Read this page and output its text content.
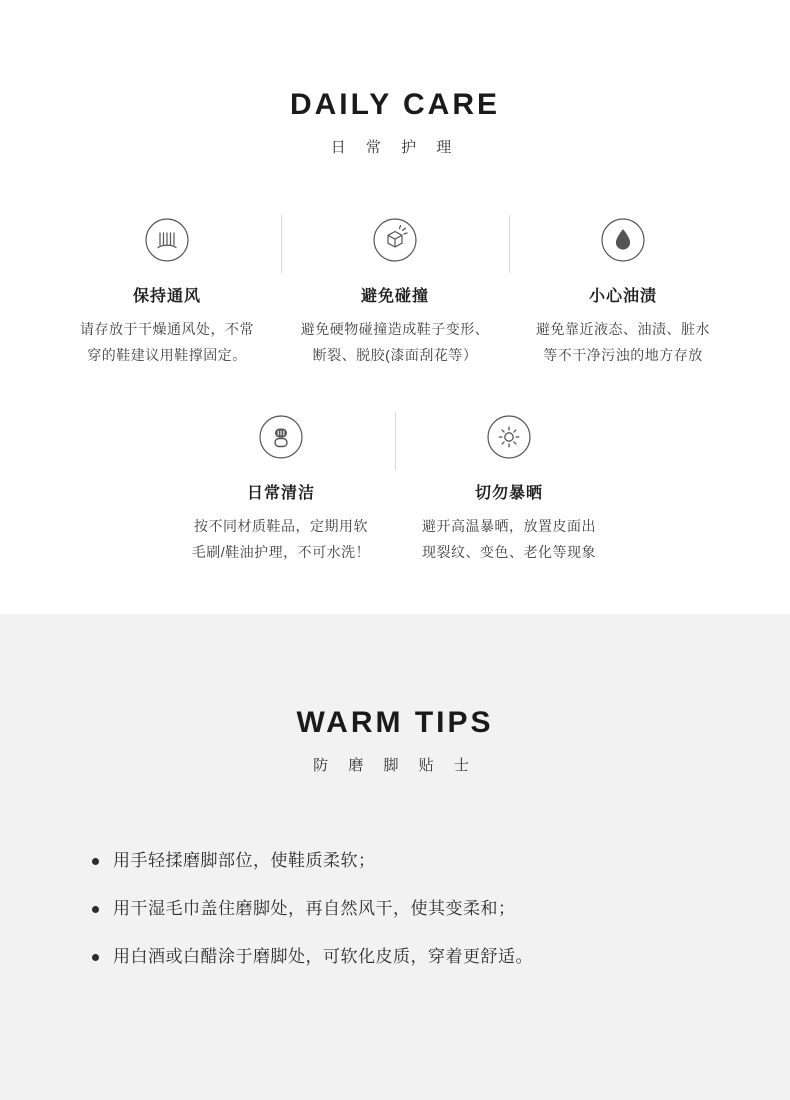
DAILY CARE
日 常 护 理
保持通风
请存放于干燥通风处，不常
穿的鞋建议用鞋撑固定。
避免碰撞
避免硬物碰撞造成鞋子变形、
断裂、脱胶(漆面刮花等）
小心油渍
避免靠近液态、油渍、脏水
等不干净污浊的地方存放
日常清洁
按不同材质鞋品，定期用软
毛刷/鞋油护理，不可水洗！
切勿暴晒
避开高温暴晒，放置皮面出
现裂纹、变色、老化等现象
WARM TIPS
防 磨 脚 贴 士
用手轻揉磨脚部位，使鞋质柔软；
用干湿毛巾盖住磨脚处，再自然风干，使其变柔和；
用白酒或白醋涂于磨脚处，可软化皮质，穿着更舒适。
